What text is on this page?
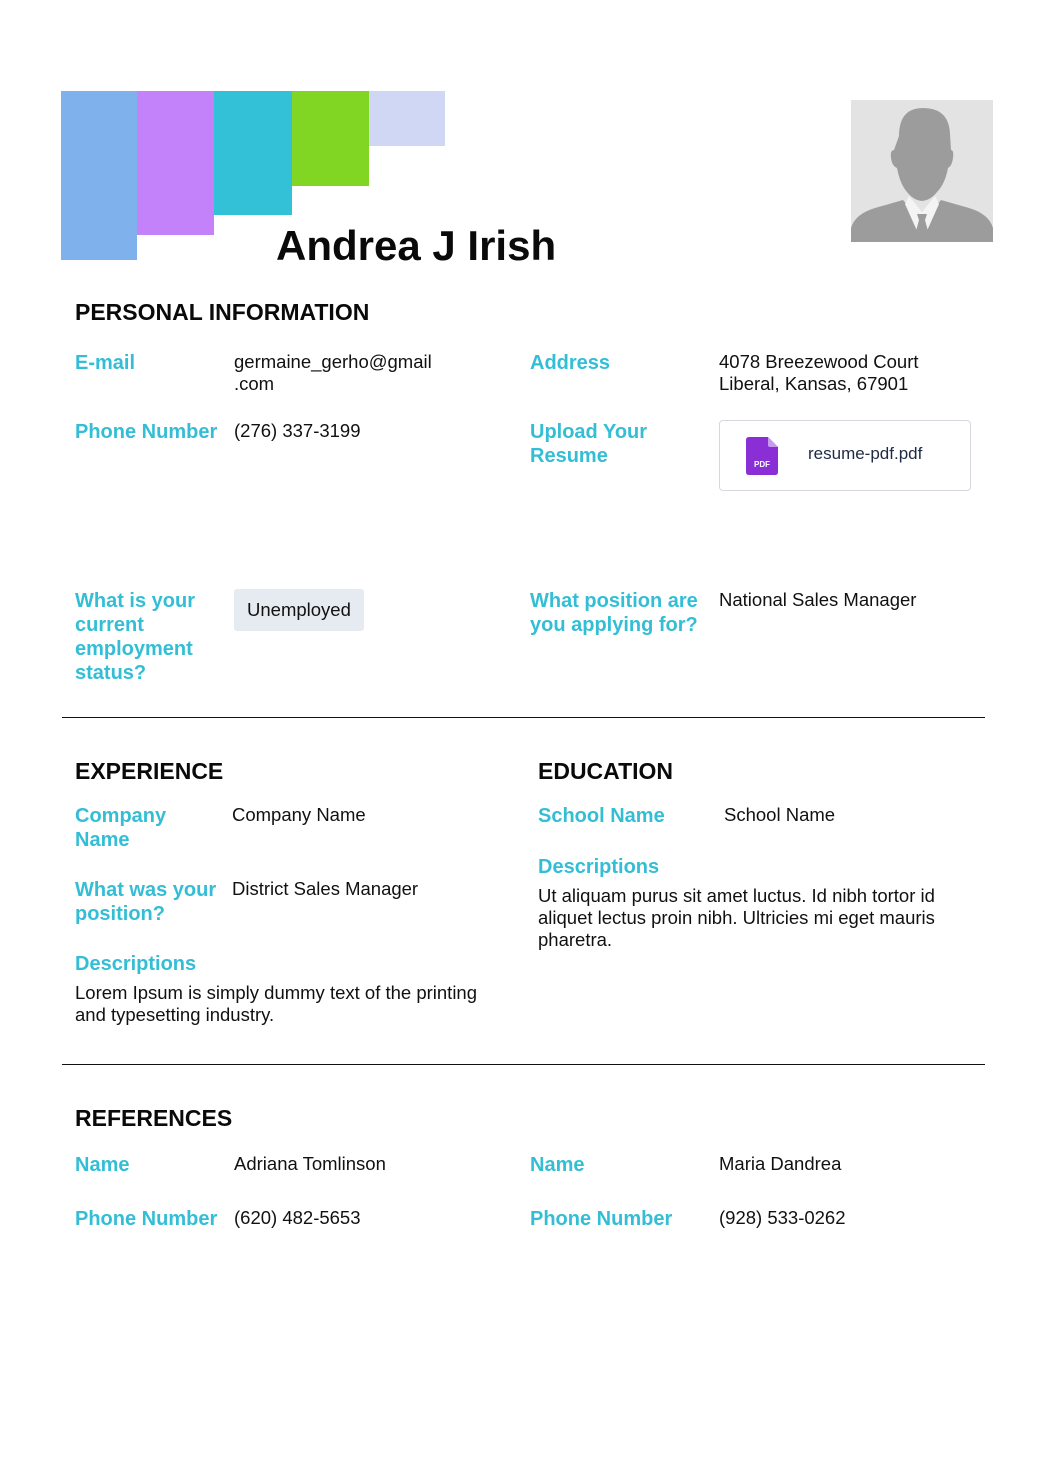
Andrea J Irish
PERSONAL INFORMATION
E-mail	germaine_gerho@gmail
.com
Address	4078 Breezewood Court
Liberal, Kansas, 67901
Phone Number (276) 337-3199	Upload Your
Resume	PDF
resume-pdf.pdf
What is your
current
employment
status?
Unemployed	What position are
you applying for?
National Sales Manager
EXPERIENCE
Company
Name
Company Name
What was your
position?
District Sales Manager
Descriptions
Lorem Ipsum is simply dummy text of the printing
and typesetting industry.
EDUCATION
School Name	School Name
Descriptions
Ut aliquam purus sit amet luctus. Id nibh tortor id
aliquet lectus proin nibh. Ultricies mi eget mauris
pharetra.
REFERENCES
Name	Adriana Tomlinson
Phone Number (620) 482-5653
Name	Maria Dandrea
Phone Number	(928) 533-0262
